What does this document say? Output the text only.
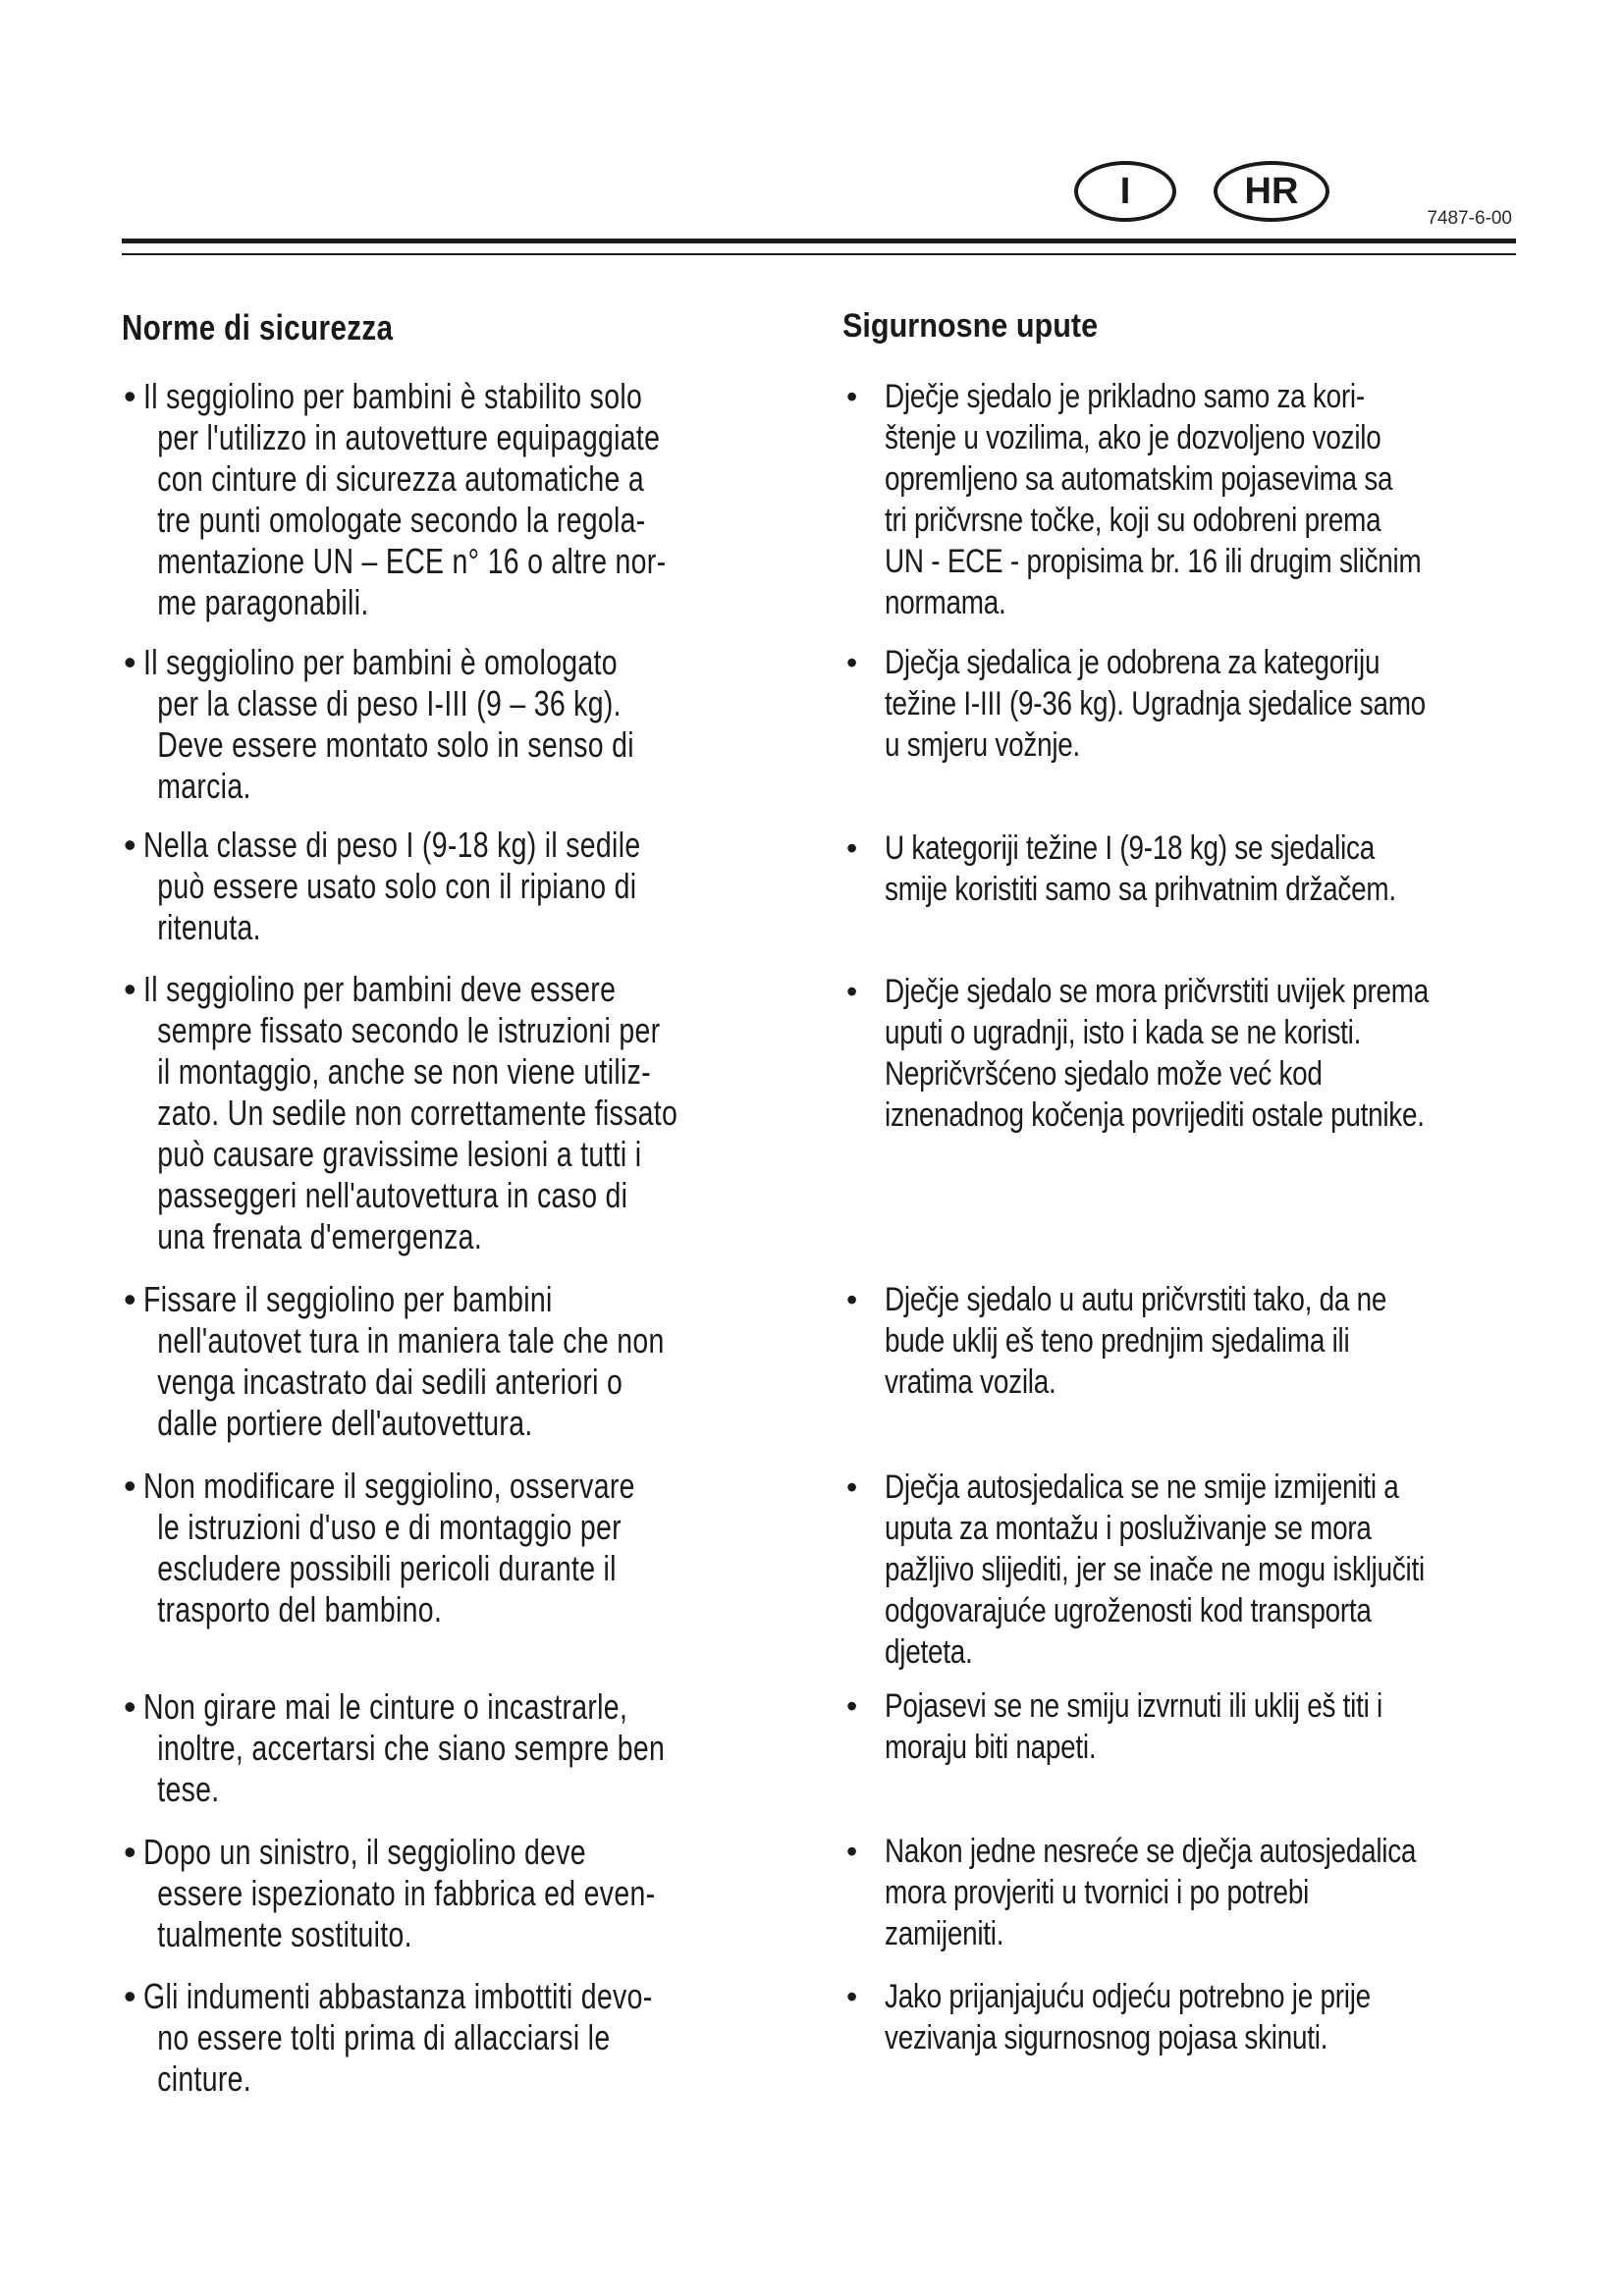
I	HR
7487-6-00
Norme di sicurezza
• Il seggiolino per bambini è stabilito solo
per l'utilizzo in autovetture equipaggiate
con cinture di sicurezza automatiche a
tre punti omologate secondo la regola-
mentazione UN – ECE n° 16 o altre nor-
me paragonabili.

• Il seggiolino per bambini è omologato
per la classe di peso I-III (9 – 36 kg).
Deve essere montato solo in senso di
marcia.

• Nella classe di peso I (9-18 kg) il sedile
può essere usato solo con il ripiano di
ritenuta.

• Il seggiolino per bambini deve essere
sempre fissato secondo le istruzioni per
il montaggio, anche se non viene utiliz-
zato. Un sedile non correttamente fissato
può causare gravissime lesioni a tutti i
passeggeri nell'autovettura in caso di
una frenata d'emergenza.

• Fissare il seggiolino per bambini
nell'autovet tura in maniera tale che non
venga incastrato dai sedili anteriori o
dalle portiere dell'autovettura.

• Non modificare il seggiolino, osservare
le istruzioni d'uso e di montaggio per
escludere possibili pericoli durante il
trasporto del bambino.

• Non girare mai le cinture o incastrarle,
inoltre, accertarsi che siano sempre ben
tese.

• Dopo un sinistro, il seggiolino deve
essere ispezionato in fabbrica ed even-
tualmente sostituito.

• Gli indumenti abbastanza imbottiti devo-
no essere tolti prima di allacciarsi le
cinture.

Sigurnosne upute
• Dječje sjedalo je prikladno samo za kori-
štenje u vozilima, ako je dozvoljeno vozilo
opremljeno sa automatskim pojasevima sa
tri pričvrsne točke, koji su odobreni prema
UN - ECE - propisima br. 16 ili drugim sličnim
normama.

• Dječja sjedalica je odobrena za kategoriju
težine I-III (9-36 kg). Ugradnja sjedalice samo
u smjeru vožnje.

• U kategoriji težine I (9-18 kg) se sjedalica
smije koristiti samo sa prihvatnim držačem.

• Dječje sjedalo se mora pričvrstiti uvijek prema
uputi o ugradnji, isto i kada se ne koristi.
Nepričvršćeno sjedalo može već kod
iznenadnog kočenja povrijediti ostale putnike.

• Dječje sjedalo u autu pričvrstiti tako, da ne
bude uklij eš teno prednjim sjedalima ili
vratima vozila.

• Dječja autosjedalica se ne smije izmijeniti a
uputa za montažu i posluživanje se mora
pažljivo slijediti, jer se inače ne mogu isključiti
odgovarajuće ugroženosti kod transporta
djeteta.

• Pojasevi se ne smiju izvrnuti ili uklij eš titi i
moraju biti napeti.

• Nakon jedne nesreće se dječja autosjedalica
mora provjeriti u tvornici i po potrebi
zamijeniti.

• Jako prijanjajuću odjeću potrebno je prije
vezivanja sigurnosnog pojasa skinuti.
